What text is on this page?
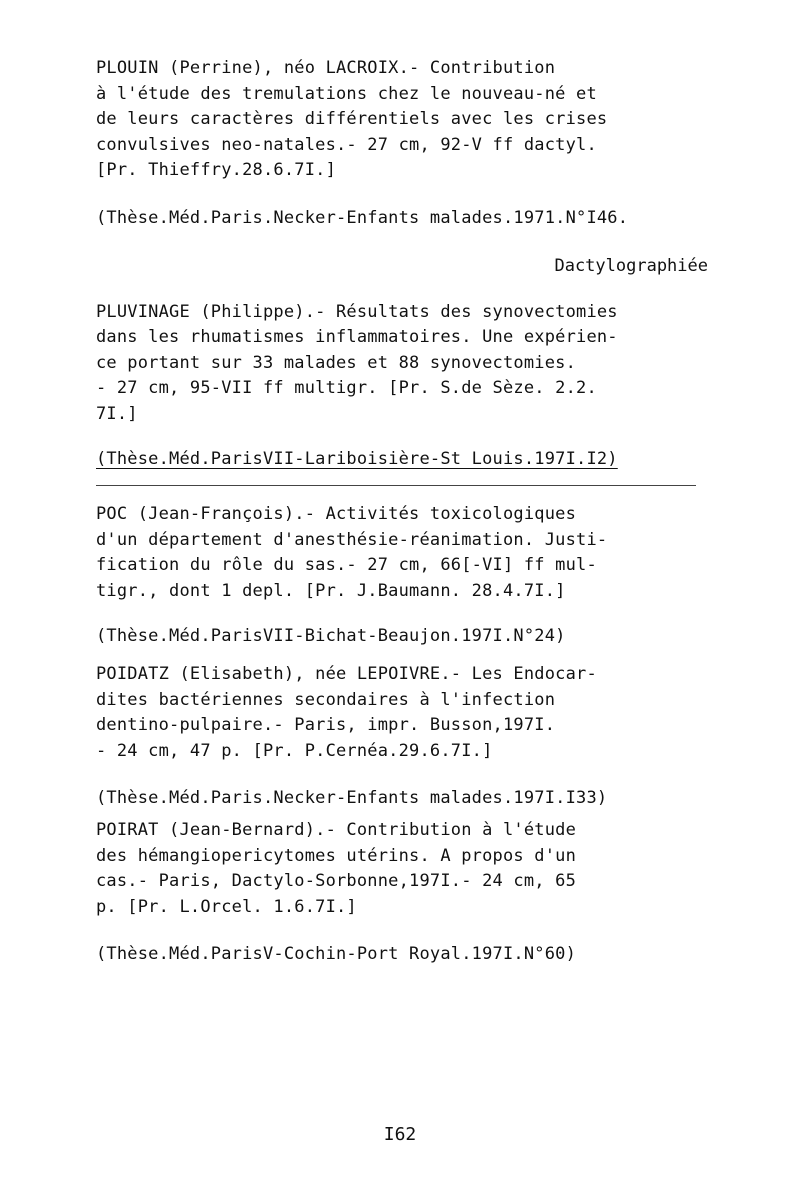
PLOUIN (Perrine), néo LACROIX.- Contribution
à l'étude des tremulations chez le nouveau-né et
de leurs caractères différentiels avec les crises
convulsives neo-natales.- 27 cm, 92-V ff dactyl.
[Pr. Thieffry.28.6.7I.]

(Thèse.Méd.Paris.Necker-Enfants malades.1971.N°I46.

Dactylographiée

PLUVINAGE (Philippe).- Résultats des synovectomies
dans les rhumatismes inflammatoires. Une expérien-
ce portant sur 33 malades et 88 synovectomies.
- 27 cm, 95-VII ff multigr. [Pr. S.de Sèze. 2.2.
7I.]

(Thèse.Méd.ParisVII-Lariboisière-St Louis.197I.I2)

POC (Jean-François).- Activités toxicologiques
d'un département d'anesthésie-réanimation. Justi-
fication du rôle du sas.- 27 cm, 66[-VI] ff mul-
tigr., dont 1 depl. [Pr. J.Baumann. 28.4.7I.]

(Thèse.Méd.ParisVII-Bichat-Beaujon.197I.N°24)

POIDATZ (Elisabeth), née LEPOIVRE.- Les Endocar-
dites bactériennes secondaires à l'infection
dentino-pulpaire.- Paris, impr. Busson,197I.
- 24 cm, 47 p. [Pr. P.Cernéa.29.6.7I.]

(Thèse.Méd.Paris.Necker-Enfants malades.197I.I33)

POIRAT (Jean-Bernard).- Contribution à l'étude
des hémangiopericytomes utérins. A propos d'un
cas.- Paris, Dactylo-Sorbonne,197I.- 24 cm, 65
p. [Pr. L.Orcel. 1.6.7I.]

(Thèse.Méd.ParisV-Cochin-Port Royal.197I.N°60)

I62
